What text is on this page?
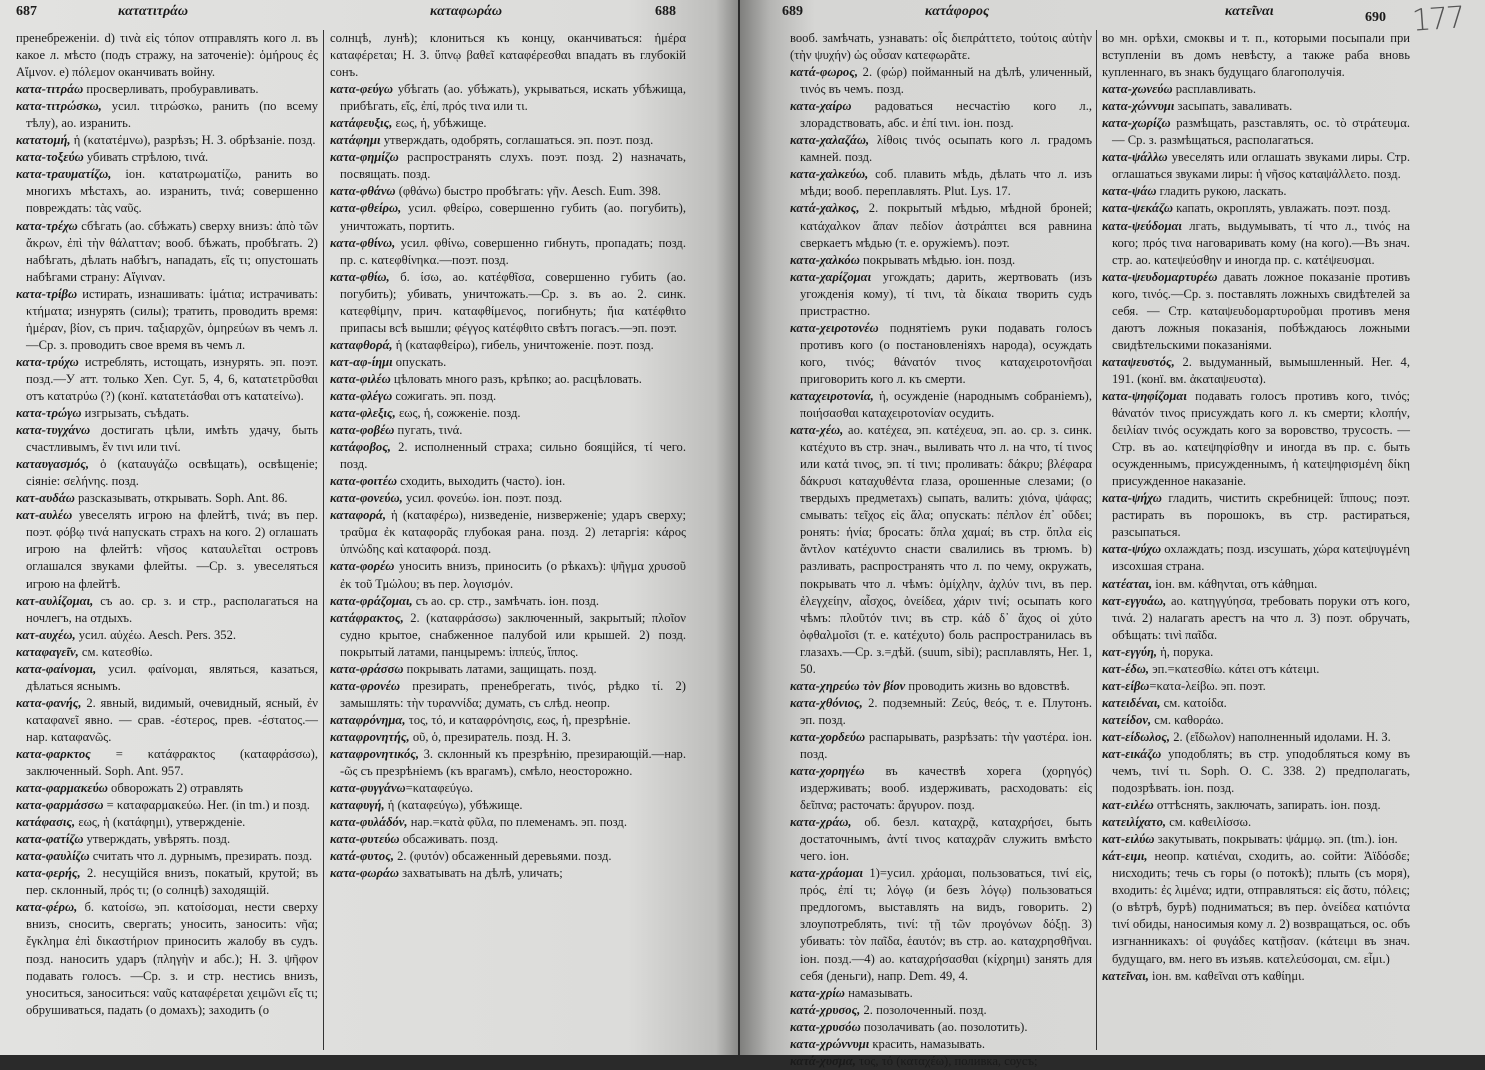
687	κατατιτράω	καταφωράω	688

пренебреженіи. d) τινὰ εἰς τόπον отправлять кого л. въ какое л. мѣсто (подъ стражу, на заточеніе): ὁμήρους ἐς Αἴμνον. e) πόλεμον оканчивать войну.

κατα-τιτράω просверливать, пробуравливать.

κατα-τιτρώσκω, усил. τιτρώσκω, ранить (по всему тѣлу), ао. изранить.

κατατομή, ἡ (κατατέμνω), разрѣзъ; Н. З. обрѣзаніе. позд.

κατα-τοξεύω убивать стрѣлою, τινά.

κατα-τραυματίζω, іон. κατατρωματίζω, ранить во многихъ мѣстахъ, ао. изранить, τινά; совершенно повреждать: τὰς ναῦς.

κατα-τρέχω сбѣгать (ао. сбѣжать) сверху внизъ: ἀπὸ τῶν ἄκρων, ἐπὶ τὴν θάλατταν; вооб. бѣжать, пробѣгать. 2) набѣгать, дѣлать набѣгъ, нападать, εἴς τι; опустошать набѣгами страну: Αἴγιναν.

κατα-τρίβω истирать, изнашивать: ἱμάτια; истрачивать: κτήματα; изнурять (силы); тратить, проводить время: ἡμέραν, βίον, съ прич. ταξιαρχῶν, ὁμηρεύων въ чемъ л.—Ср. з. проводить свое время въ чемъ л.

κατα-τρύχω истреблять, истощать, изнурять. эп. поэт. позд.—У атт. только Xen. Cyr. 5, 4, 6, κατατετρῦσθαι отъ κατατρύω (?) (конї. κατατετάσθαι отъ κατατείνω).

κατα-τρώγω изгрызать, съѣдать.

κατα-τυγχάνω достигать цѣли, имѣть удачу, быть счастливымъ, ἔν τινι или τινί.

καταυγασμός, ὁ (καταυγάζω освѣщать), освѣщеніе; сіяніе: σελήνης. позд.

κατ-αυδάω разсказывать, открывать. Soph. Ant. 86.

κατ-αυλέω увеселять игрою на флейтѣ, τινά; въ пер. поэт. φόβῳ τινά напускать страхъ на кого. 2) оглашать игрою на флейтѣ: νῆσος καταυλεῖται островъ оглашался звуками флейты. —Ср. з. увеселяться игрою на флейтѣ.

κατ-αυλίζομαι, съ ао. ср. з. и стр., располагаться на ночлегъ, на отдыхъ.

κατ-αυχέω, усил. αὐχέω. Aesch. Pers. 352.

καταφαγεῖν, см. κατεσθίω.

κατα-φαίνομαι, усил. φαίνομαι, являться, казаться, дѣлаться яснымъ.

κατα-φανής, 2. явный, видимый, очевидный, ясный, ἐν καταφανεῖ явно. — срав. -έστερος, прев. -έστατος.—нар. καταφανῶς.

κατα-φαρκτος = κατάφρακτος (καταφράσσω), заключенный. Soph. Ant. 957.

κατα-φαρμακεύω обворожать 2) отравлять

κατα-φαρμάσσω = καταφαρμακεύω. Her. (in tm.) и позд.

κατάφασις, εως, ἡ (κατάφημι), утвержденіе.

κατα-φατίζω утверждать, увѣрять. позд.

κατα-φαυλίζω считать что л. дурнымъ, презирать. позд.

κατα-φερής, 2. несущійся внизъ, покатый, крутой; въ пер. склонный, πρός τι; (о солнцѣ) заходящій.

κατα-φέρω, б. κατοίσω, эп. κατοίσομαι, нести сверху внизъ, сносить, свергать; уносить, заносить: νῆα; ἔγκλημα ἐπὶ δικαστήριον приносить жалобу въ судъ. позд. наносить ударъ (πληγὴν и абс.); Н. З. ψῆφον подавать голосъ. —Ср. з. и стр. нестись внизъ, уноситься, заноситься: ναῦς καταφέρεται χειμῶνι εἴς τι; обрушиваться, падать (о домахъ); заходить (о

солнцѣ, лунѣ); клониться къ концу, оканчиваться: ἡμέρα καταφέρεται; Н. З. ὕπνῳ βαθεῖ καταφέρεσθαι впадать въ глубокій сонъ.

κατα-φεύγω убѣгать (ао. убѣжать), укрываться, искать убѣжища, прибѣгать, εἴς, ἐπί, πρός τινα или τι.

κατάφευξις, εως, ἡ, убѣжище.

κατάφημι утверждать, одобрять, соглашаться. эп. поэт. позд.

κατα-φημίζω распространять слухъ. поэт. позд. 2) назначать, посвящать. позд.

κατα-φθάνω (φθάνω) быстро пробѣгать: γῆν. Aesch. Eum. 398.

κατα-φθείρω, усил. φθείρω, совершенно губить (ао. погубить), уничтожать, портить.

κατα-φθίνω, усил. φθίνω, совершенно гибнуть, пропадать; позд. пр. с. κατεφθίνηκα.—поэт. позд.

κατα-φθίω, б. ίσω, ао. κατέφθῖσα, совершенно губить (ао. погубить); убивать, уничтожать.—Ср. з. въ ао. 2. синк. κατεφθίμην, прич. καταφθίμενος, погибнуть; ἤια κατέφθιτο припасы всѣ вышли; φέγγος κατέφθιτο свѣтъ погасъ.—эп. поэт.

καταφθορά, ἡ (καταφθείρω), гибель, уничтоженіе. поэт. позд.

κατ-αφ-ίημι опускать.

κατα-φιλέω цѣловать много разъ, крѣпко; ао. расцѣловать.

κατα-φλέγω сожигать. эп. позд.

κατα-φλεξις, εως, ἡ, сожженіе. позд.

κατα-φοβέω пугать, τινά.

κατάφοβος, 2. исполненный страха; сильно боящійся, τί чего. позд.

κατα-φοιτέω сходить, выходить (часто). іон.

κατα-φονεύω, усил. φονεύω. іон. поэт. позд.

καταφορά, ἡ (καταφέρω), низведеніе, низверженіе; ударъ сверху; τραῦμα ἐκ καταφορᾶς глубокая рана. позд. 2) летаргія: κάρος ὑπνώδης καὶ καταφορά. позд.

κατα-φορέω уносить внизъ, приносить (о рѣкахъ): ψῆγμα χρυσοῦ ἐκ τοῦ Τμώλου; въ пер. λογισμόν.

κατα-φράζομαι, съ ао. ср. стр., замѣчать. іон. позд.

κατάφρακτος, 2. (καταφράσσω) заключенный, закрытый; πλοῖον судно крытое, снабженное палубой или крышей. 2) позд. покрытый латами, панцыремъ: ἱππεύς, ἵππος.

κατα-φράσσω покрывать латами, защищать. позд.

κατα-φρονέω презирать, пренебрегать, τινός, рѣдко τί. 2) замышлять: τὴν τυραννίδα; думать, съ слѣд. неопр.

καταφρόνημα, τος, τό, и καταφρόνησις, εως, ἡ, презрѣніе.

καταφρονητής, οῦ, ὁ, презиратель. позд. Н. З.

καταφρονητικός, 3. склонный къ презрѣнію, презирающій.—нар. -ῶς съ презрѣніемъ (къ врагамъ), смѣло, неосторожно.

κατα-φυγγάνω=καταφεύγω.

καταφυγή, ἡ (καταφεύγω), убѣжище.

κατα-φυλάδόν, нар.=κατὰ φῦλα, по племенамъ. эп. позд.

κατα-φυτεύω обсаживать. позд.

κατά-φυτος, 2. (φυτόν) обсаженный деревьями. позд.

κατα-φωράω захватывать на дѣлѣ, уличать;

689	κατάφορος	κατεῖναι	690 177

вооб. замѣчать, узнавать: οἷς διεπράττετο, τούτοις αὐτὴν (τὴν ψυχήν) ὡς οὖσαν κατεφωρᾶτε.

κατά-φωρος, 2. (φώρ) пойманный на дѣлѣ, уличенный, τινός въ чемъ. позд.

κατα-χαίρω радоваться несчастію кого л., злорадствовать, абс. и ἐπί τινι. іон. позд.

κατα-χαλαζάω, λίθοις τινός осыпать кого л. градомъ камней. позд.

κατα-χαλκεύω, соб. плавить мѣдь, дѣлать что л. изъ мѣди; вооб. переплавлять. Plut. Lys. 17.

κατά-χαλκος, 2. покрытый мѣдью, мѣдной броней; κατάχαλκον ἅπαν πεδίον ἀστράπτει вся равнина сверкаетъ мѣдью (т. е. оружіемъ). поэт.

κατα-χαλκόω покрывать мѣдью. іон. позд.

κατα-χαρίζομαι угождать; дарить, жертвовать (изъ угожденія кому), τί τινι, τὰ δίκαια творить судъ пристрастно.

κατα-χειροτονέω поднятіемъ руки подавать голосъ противъ кого (о постановленіяхъ народа), осуждать кого, τινός; θάνατόν τινος καταχειροτονῆσαι приговорить кого л. къ смерти.

καταχειροτονία, ἡ, осужденіе (народнымъ собраніемъ), ποιήσασθαι καταχειροτονίαν осудить.

κατα-χέω, ао. κατέχεα, эп. κατέχευα, эп. ао. ср. з. синк. κατέχυτο въ стр. знач., выливать что л. на что, τί τινος или κατά τινος, эп. τί τινι; проливать: δάκρυ; βλέφαρα δάκρυσι καταχυθέντα глаза, орошенные слезами; (о твердыхъ предметахъ) сыпать, валить: χιόνα, ψάφας; смывать: τεῖχος εἰς ἅλα; опускать: πέπλον ἐπ᾽ οὔδει; ронять: ἡνία; бросать: ὅπλα χαμαί; въ стр. ὅπλα εἰς ἄντλον κατέχυντο снасти свалились въ трюмъ. b) разливать, распространять что л. по чему, окружать, покрывать что л. чѣмъ: ὁμίχλην, ἀχλύν τινι, въ пер. ἐλεγχείην, αἶσχος, ὀνείδεα, χάριν τινί; осыпать кого чѣмъ: πλοῦτόν τινι; въ стр. κάδ δ᾽ ἄχος οἱ χύτο ὀφθαλμοῖσι (т. е. κατέχυτο) боль распространилась въ глазахъ.—Ср. з.=дѣй. (suum, sibi); расплавлять, Her. 1, 50.

κατα-χηρεύω τὸν βίον проводить жизнь во вдовствѣ.

κατα-χθόνιος, 2. подземный: Ζεύς, θεός, т. е. Плутонъ. эп. позд.

κατα-χορδεύω распарывать, разрѣзать: τὴν γαστέρα. іон. позд.

κατα-χορηγέω въ качествѣ хорега (χορηγός) издерживать; вооб. издерживать, расходовать: εἰς δεῖπνα; расточать: ἄργυρον. позд.

κατα-χράω, об. безл. καταχρᾷ, καταχρήσει, быть достаточнымъ, ἀντί τινος καταχρᾶν служить вмѣсто чего. іон.

κατα-χράομαι 1)=усил. χράομαι, пользоваться, τινί εἰς, πρός, ἐπί τι; λόγῳ (и безъ λόγῳ) пользоваться предлогомъ, выставлять на видъ, говорить. 2) злоупотреблять, τινί: τῇ τῶν προγόνων δόξῃ. 3) убивать: τὸν παῖδα, ἑαυτόν; въ стр. ао. καταχρησθῆναι. іон. позд.—4) ао. καταχρήσασθαι (κίχρημι) занять для себя (деньги), напр. Dem. 49, 4.

κατα-χρίω намазывать.

κατά-χρυσος, 2. позолоченный. позд.

κατα-χρυσόω позолачивать (ао. позолотить).

κατα-χρώννυμι красить, намазывать.

κατά-χυσμα, τος, τό (καταχέω), поливка, соусъ;

во мн. орѣхи, смоквы и т. п., которыми посыпали при вступленіи въ домъ невѣсту, а также раба вновь купленнаго, въ знакъ будущаго благополучія.

κατα-χωνεύω расплавливать.

κατα-χώννυμι засыпать, заваливать.

κατα-χωρίζω размѣщать, разставлять, ос. τὸ στράτευμα. — Ср. з. размѣщаться, располагаться.

κατα-ψάλλω увеселять или оглашать звуками лиры. Стр. оглашаться звуками лиры: ἡ νῆσος καταψάλλετο. позд.

κατα-ψάω гладить рукою, ласкать.

κατα-ψεκάζω капать, окроплять, увлажать. поэт. позд.

κατα-ψεύδομαι лгать, выдумывать, τί что л., τινός на кого; πρός τινα наговаривать кому (на кого).—Въ знач. стр. ао. κατεψεύσθην и иногда пр. с. κατέψευσμαι.

κατα-ψευδομαρτυρέω давать ложное показаніе противъ кого, τινός.—Ср. з. поставлять ложныхъ свидѣтелей за себя. — Стр. καταψευδομαρτυροῦμαι противъ меня даютъ ложныя показанія, побѣждаюсь ложными свидѣтельскими показаніями.

καταψευστός, 2. выдуманный, вымышленный. Her. 4, 191. (конї. вм. ἀκαταψευστα).

κατα-ψηφίζομαι подавать голосъ противъ кого, τινός; θάνατόν τινος присуждать кого л. къ смерти; κλοπήν, δειλίαν τινός осуждать кого за воровство, трусость. — Стр. въ ао. κατεψηφίσθην и иногда въ пр. с. быть осужденнымъ, присужденнымъ, ἡ κατεψηφισμένη δίκη присужденное наказаніе.

κατα-ψήχω гладить, чистить скребницей: ἵππους; поэт. растирать въ порошокъ, въ стр. растираться, разсыпаться.

κατα-ψύχω охлаждать; позд. изсушать, χώρα κατεψυγμένη изсохшая страна.

κατέαται, іон. вм. κάθηνται, отъ κάθημαι.

κατ-εγγυάω, ао. κατηγγύησα, требовать поруки отъ кого, τινά. 2) налагать арестъ на что л. 3) поэт. обручать, обѣщать: τινὶ παῖδα.

κατ-εγγύη, ἡ, порука.

κατ-έδω, эп.=κατεσθίω. κάτει отъ κάτειμι.

κατ-είβω=κατα-λείβω. эп. поэт.

κατειδέναι, см. κατοίδα.

κατείδον, см. καθοράω.

κατ-είδωλος, 2. (εἴδωλον) наполненный идолами. Н. З.

κατ-εικάζω уподоблять; въ стр. уподобляться кому въ чемъ, τινί τι. Soph. O. C. 338. 2) предполагать, подозрѣвать. іон. позд.

κατ-ειλέω оттѣснять, заключать, запирать. іон. позд.

κατειλίχατο, см. καθειλίσσω.

κατ-ειλύω закутывать, покрывать: ψάμμῳ. эп. (tm.). іон.

κάτ-ειμι, неопр. κατιέναι, сходить, ао. сойти: Ἀϊδόσδε; нисходить; течь съ горы (о потокѣ); плыть (съ моря), входить: ἐς λιμένα; идти, отправляться: εἰς ἄστυ, πόλεις; (о вѣтрѣ, бурѣ) подниматься; въ пер. ὀνείδεα κατιόντα τινί обиды, наносимыя кому л. 2) возвращаться, ос. объ изгнанникахъ: οἱ φυγάδες κατῇσαν. (κάτειμι въ знач. будущаго, вм. него въ изъяв. κατελεύσομαι, см. εἶμι.)

κατεῖναι, іон. вм. καθεῖναι отъ καθίημι.
